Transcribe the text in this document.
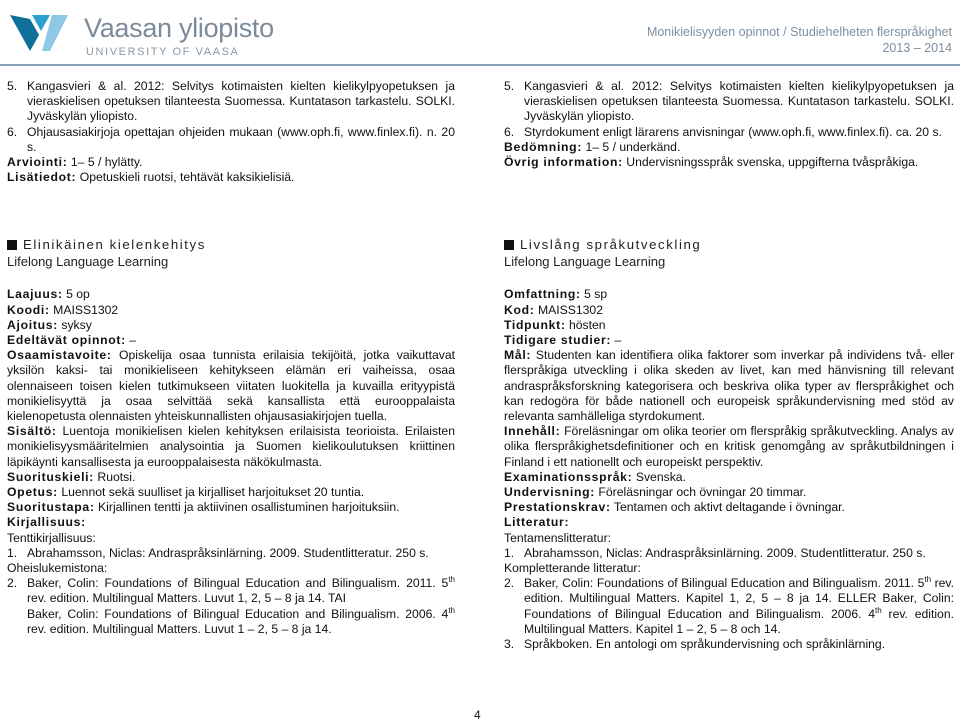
Vaasan yliopisto
UNIVERSITY OF VAASA
Monikielisyyden opinnot / Studiehelheten flerspråkighet
2013 – 2014
5. Kangasvieri & al. 2012: Selvitys kotimaisten kielten kielikylpyopetuksen ja vieraskielisen opetuksen tilanteesta Suomessa. Kuntatason tarkastelu. SOLKI. Jyväskylän yliopisto.
6. Ohjausasiakirjoja opettajan ohjeiden mukaan (www.oph.fi, www.finlex.fi). n. 20 s.
Arviointi: 1– 5 / hylätty.
Lisätiedot: Opetuskieli ruotsi, tehtävät kaksikielisiä.
5. Kangasvieri & al. 2012: Selvitys kotimaisten kielten kielikylpyopetuksen ja vieraskielisen opetuksen tilanteesta Suomessa. Kuntatason tarkastelu. SOLKI. Jyväskylän yliopisto.
6. Styrdokument enligt lärarens anvisningar (www.oph.fi, www.finlex.fi). ca. 20 s.
Bedömning: 1– 5 / underkänd.
Övrig information: Undervisningsspråk svenska, uppgifterna tvåspråkiga.
Elinikäinen kielenkehitys
Lifelong Language Learning
Laajuus: 5 op
Koodi: MAISS1302
Ajoitus: syksy
Edeltävät opinnot: –
Osaamistavoite: Opiskelija osaa tunnista erilaisia tekijöitä, jotka vaikuttavat yksilön kaksi- tai monikieliseen kehitykseen elämän eri vaiheissa, osaa olennaiseen toisen kielen tutkimukseen viitaten luokitella ja kuvailla erityypistä monikielisyyttä ja osaa selvittää sekä kansallista että eurooppalaista kielenopetusta olennaisten yhteiskunnallisten ohjausasiakirjojen tuella.
Sisältö: Luentoja monikielisen kielen kehityksen erilaisista teorioista. Erilaisten monikielisyysmääritelmien analysointia ja Suomen kielikoulutuksen kriittinen läpikäynti kansallisesta ja eurooppalaisesta näkökulmasta.
Suorituskieli: Ruotsi.
Opetus: Luennot sekä suulliset ja kirjalliset harjoitukset 20 tuntia.
Suoritustapa: Kirjallinen tentti ja aktiivinen osallistuminen harjoituksiin.
Kirjallisuus:
Tenttikirjallisuus:
1. Abrahamsson, Niclas: Andraspråksinlärning. 2009. Studentlitteratur. 250 s.
Oheislukemistona:
2. Baker, Colin: Foundations of Bilingual Education and Bilingualism. 2011. 5th rev. edition. Multilingual Matters. Luvut 1, 2, 5 – 8 ja 14. TAI
Baker, Colin: Foundations of Bilingual Education and Bilingualism. 2006. 4th rev. edition. Multilingual Matters. Luvut 1 – 2, 5 – 8 ja 14.
Livslång språkutveckling
Lifelong Language Learning
Omfattning: 5 sp
Kod: MAISS1302
Tidpunkt: hösten
Tidigare studier: –
Mål: Studenten kan identifiera olika faktorer som inverkar på individens två- eller flerspråkiga utveckling i olika skeden av livet, kan med hänvisning till relevant andraspråksforskning kategorisera och beskriva olika typer av flerspråkighet och kan redogöra för både nationell och europeisk språkundervisning med stöd av relevanta samhälleliga styrdokument.
Innehåll: Föreläsningar om olika teorier om flerspråkig språkutveckling. Analys av olika flerspråkighetsdefinitioner och en kritisk genomgång av språkutbildningen i Finland i ett nationellt och europeiskt perspektiv.
Examinationsspråk: Svenska.
Undervisning: Föreläsningar och övningar 20 timmar.
Prestationskrav: Tentamen och aktivt deltagande i övningar.
Litteratur:
Tentamenslitteratur:
1. Abrahamsson, Niclas: Andraspråksinlärning. 2009. Studentlitteratur. 250 s.
Kompletterande litteratur:
2. Baker, Colin: Foundations of Bilingual Education and Bilingualism. 2011. 5th rev. edition. Multilingual Matters. Kapitel 1, 2, 5 – 8 ja 14. ELLER Baker, Colin: Foundations of Bilingual Education and Bilingualism. 2006. 4th rev. edition. Multilingual Matters. Kapitel 1 – 2, 5 – 8 och 14.
3. Språkboken. En antologi om språkundervisning och språkinlärning.
4
